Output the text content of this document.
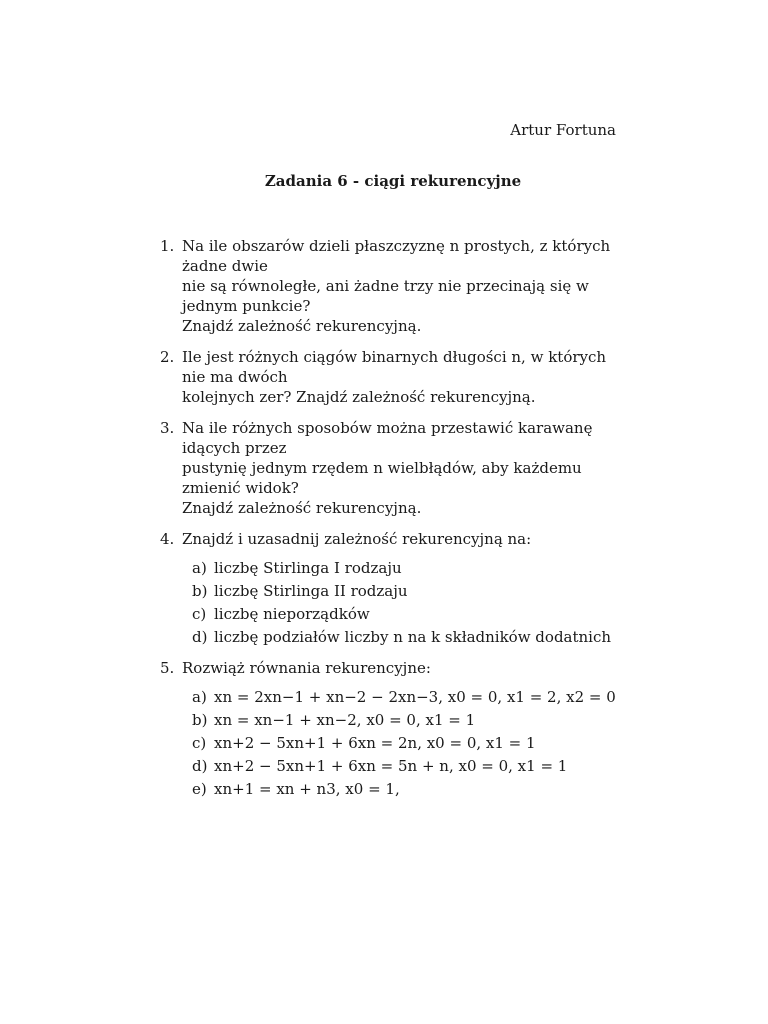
Artur Fortuna
Zadania 6 - ciągi rekurencyjne
1. Na ile obszarów dzieli płaszczyznę n prostych, z których żadne dwie
nie są równoległe, ani żadne trzy nie przecinają się w jednym punkcie?
Znajdź zależność rekurencyjną.
2. Ile jest różnych ciągów binarnych długości n, w których nie ma dwóch
kolejnych zer? Znajdź zależność rekurencyjną.
3. Na ile różnych sposobów można przestawić karawanę idących przez
pustynię jednym rzędem n wielbłądów, aby każdemu zmienić widok?
Znajdź zależność rekurencyjną.
4. Znajdź i uzasadnij zależność rekurencyjną na:
a) liczbę Stirlinga I rodzaju
b) liczbę Stirlinga II rodzaju
c) liczbę nieporządków
d) liczbę podziałów liczby n na k składników dodatnich
5. Rozwiąż równania rekurencyjne:
a) xn = 2xn−1 + xn−2 − 2xn−3, x0 = 0, x1 = 2, x2 = 0
b) xn = xn−1 + xn−2, x0 = 0, x1 = 1
c) xn+2 − 5xn+1 + 6xn = 2n, x0 = 0, x1 = 1
d) xn+2 − 5xn+1 + 6xn = 5n + n, x0 = 0, x1 = 1
e) xn+1 = xn + n3, x0 = 1,
